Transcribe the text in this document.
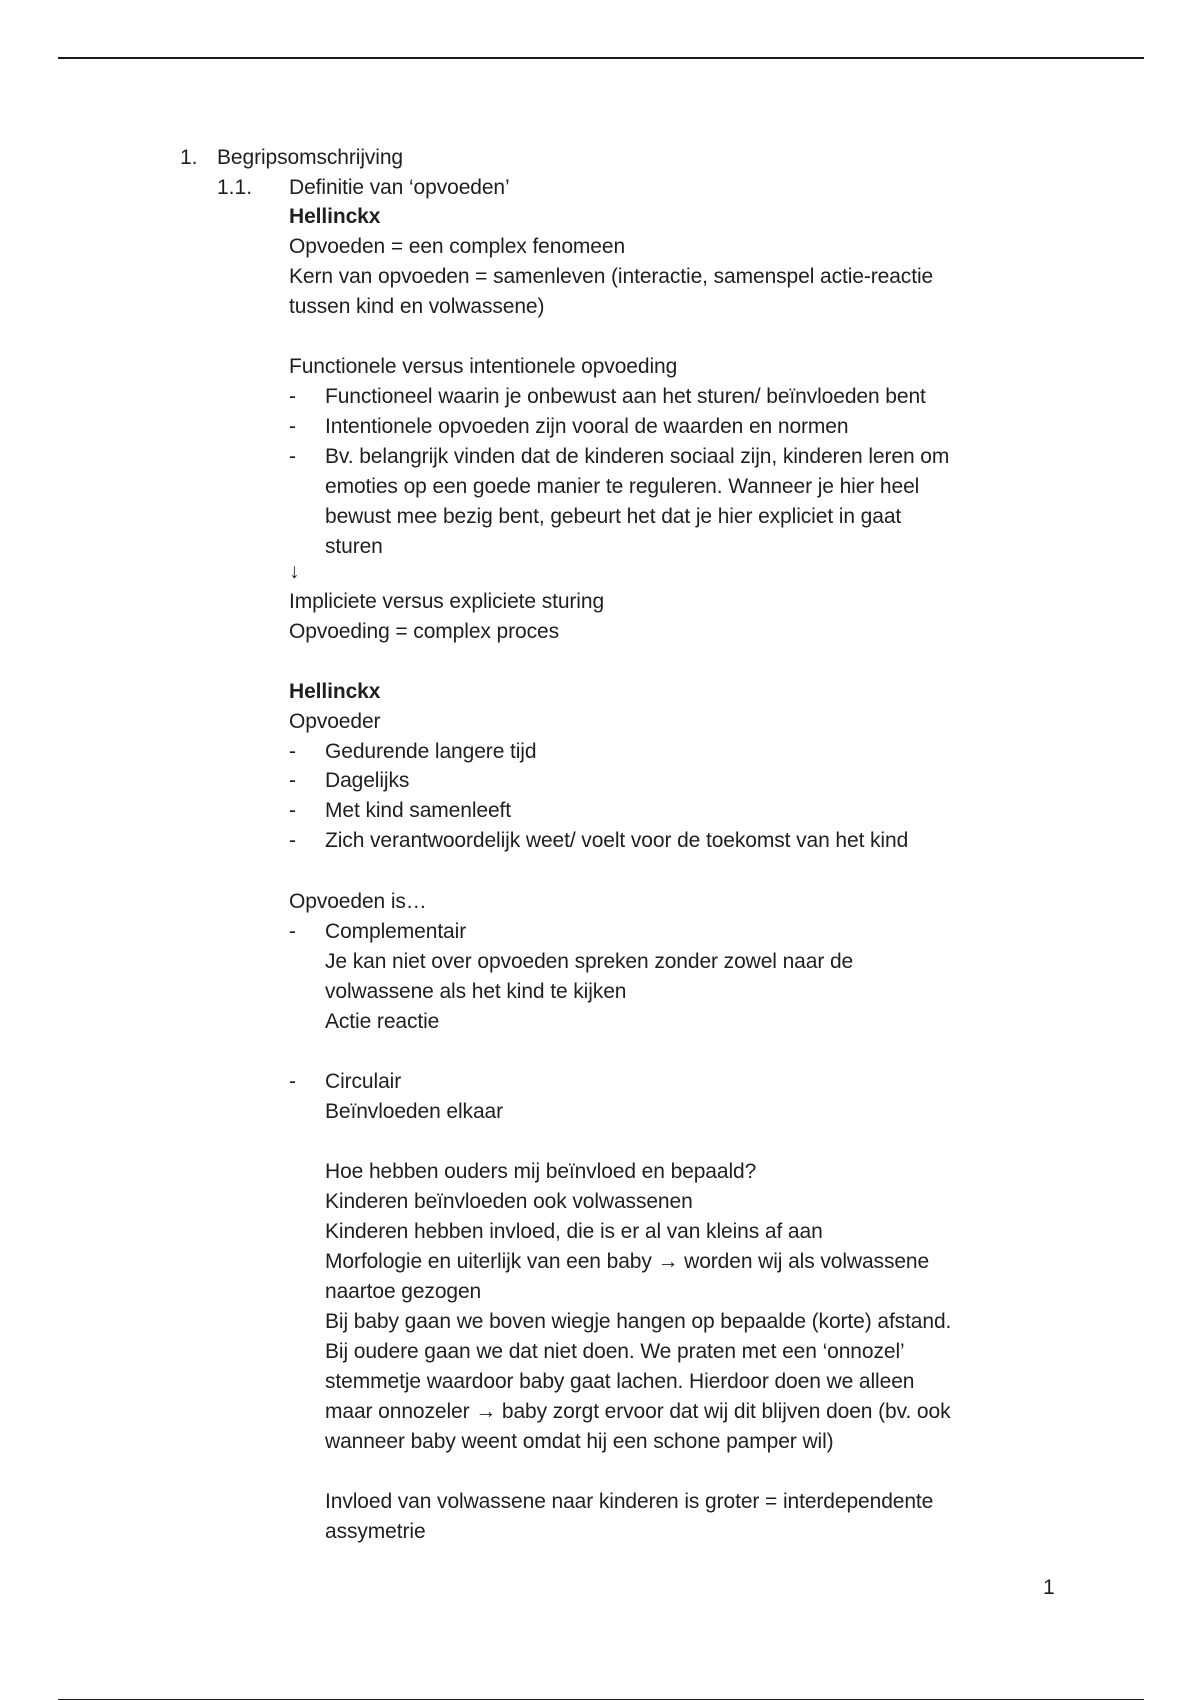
1. Begripsomschrijving
1.1. Definitie van ‘opvoeden’
Hellinckx
Opvoeden = een complex fenomeen
Kern van opvoeden = samenleven (interactie, samenspel actie-reactie
tussen kind en volwassene)
Functionele versus intentionele opvoeding
- Functioneel waarin je onbewust aan het sturen/ beïnvloeden bent
- Intentionele opvoeden zijn vooral de waarden en normen
- Bv. belangrijk vinden dat de kinderen sociaal zijn, kinderen leren om
emoties op een goede manier te reguleren. Wanneer je hier heel
bewust mee bezig bent, gebeurt het dat je hier expliciet in gaat
sturen
↓
Impliciete versus expliciete sturing
Opvoeding = complex proces
Hellinckx
Opvoeder
- Gedurende langere tijd
- Dagelijks
- Met kind samenleeft
- Zich verantwoordelijk weet/ voelt voor de toekomst van het kind
Opvoeden is…
- Complementair
Je kan niet over opvoeden spreken zonder zowel naar de
volwassene als het kind te kijken
Actie reactie
- Circulair
Beïnvloeden elkaar
Hoe hebben ouders mij beïnvloed en bepaald?
Kinderen beïnvloeden ook volwassenen
Kinderen hebben invloed, die is er al van kleins af aan
Morfologie en uiterlijk van een baby → worden wij als volwassene
naartoe gezogen
Bij baby gaan we boven wiegje hangen op bepaalde (korte) afstand.
Bij oudere gaan we dat niet doen. We praten met een ‘onnozel’
stemmetje waardoor baby gaat lachen. Hierdoor doen we alleen
maar onnozeler → baby zorgt ervoor dat wij dit blijven doen (bv. ook
wanneer baby weent omdat hij een schone pamper wil)
Invloed van volwassene naar kinderen is groter = interdependente
assymetrie
1
